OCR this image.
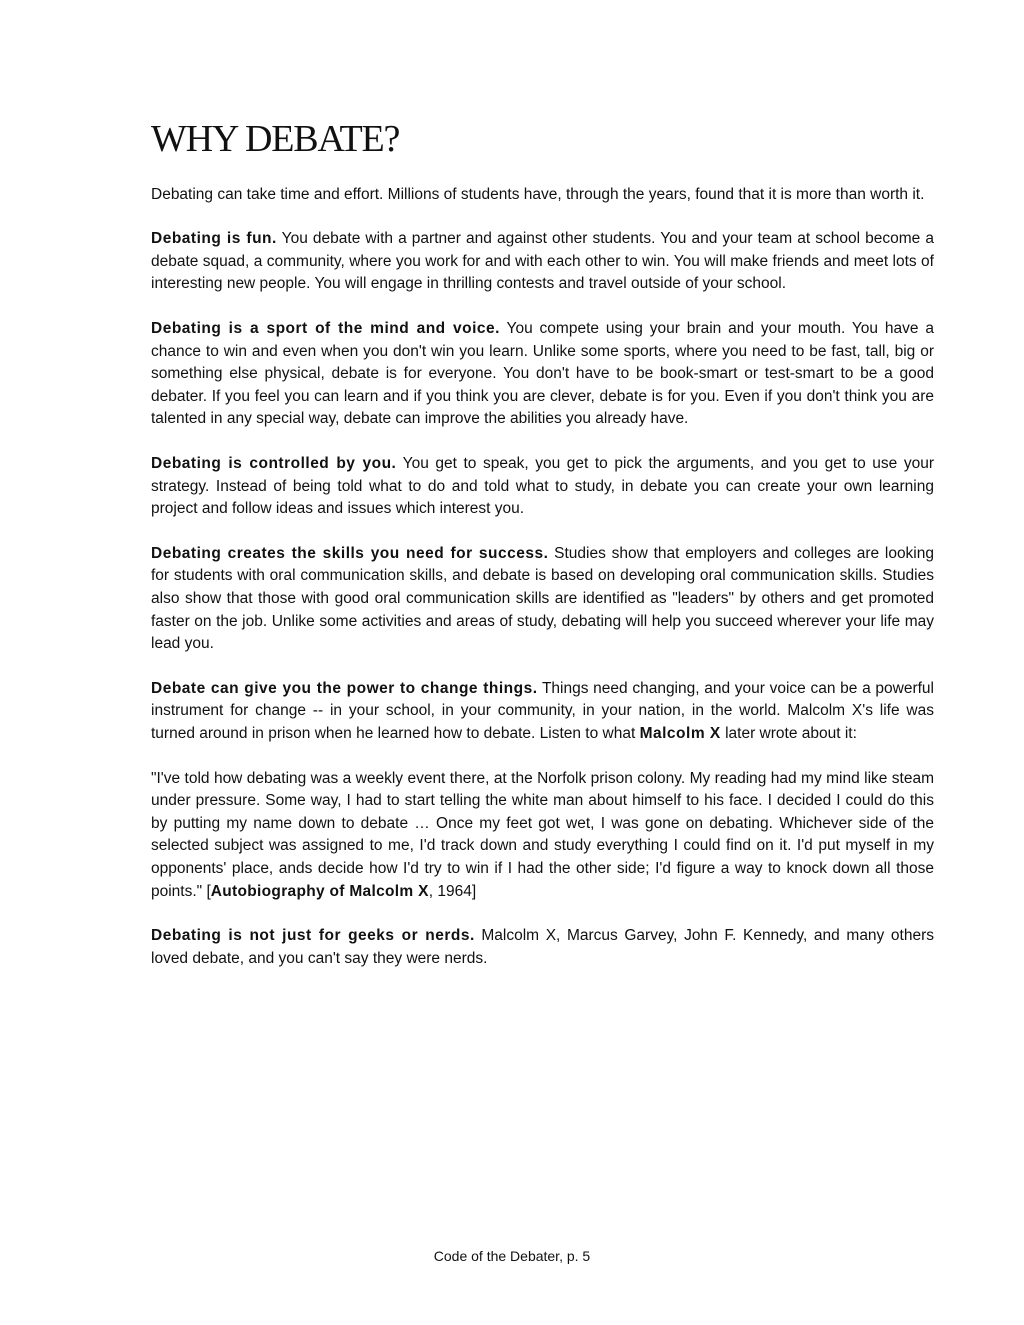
WHY DEBATE?

Debating can take time and effort. Millions of students have, through the years, found that it is more than worth it.

Debating is fun. You debate with a partner and against other students. You and your team at school become a debate squad, a community, where you work for and with each other to win. You will make friends and meet lots of interesting new people. You will engage in thrilling contests and travel outside of your school.

Debating is a sport of the mind and voice. You compete using your brain and your mouth. You have a chance to win and even when you don't win you learn. Unlike some sports, where you need to be fast, tall, big or something else physical, debate is for everyone. You don't have to be book-smart or test-smart to be a good debater. If you feel you can learn and if you think you are clever, debate is for you. Even if you don't think you are talented in any special way, debate can improve the abilities you already have.

Debating is controlled by you. You get to speak, you get to pick the arguments, and you get to use your strategy. Instead of being told what to do and told what to study, in debate you can create your own learning project and follow ideas and issues which interest you.

Debating creates the skills you need for success. Studies show that employers and colleges are looking for students with oral communication skills, and debate is based on developing oral communication skills. Studies also show that those with good oral communication skills are identified as "leaders" by others and get promoted faster on the job. Unlike some activities and areas of study, debating will help you succeed wherever your life may lead you.

Debate can give you the power to change things. Things need changing, and your voice can be a powerful instrument for change -- in your school, in your community, in your nation, in the world. Malcolm X's life was turned around in prison when he learned how to debate. Listen to what Malcolm X later wrote about it:

"I've told how debating was a weekly event there, at the Norfolk prison colony. My reading had my mind like steam under pressure. Some way, I had to start telling the white man about himself to his face. I decided I could do this by putting my name down to debate … Once my feet got wet, I was gone on debating. Whichever side of the selected subject was assigned to me, I'd track down and study everything I could find on it. I'd put myself in my opponents' place, ands decide how I'd try to win if I had the other side; I'd figure a way to knock down all those points." [Autobiography of Malcolm X, 1964]

Debating is not just for geeks or nerds. Malcolm X, Marcus Garvey, John F. Kennedy, and many others loved debate, and you can't say they were nerds.

Code of the Debater, p. 5
